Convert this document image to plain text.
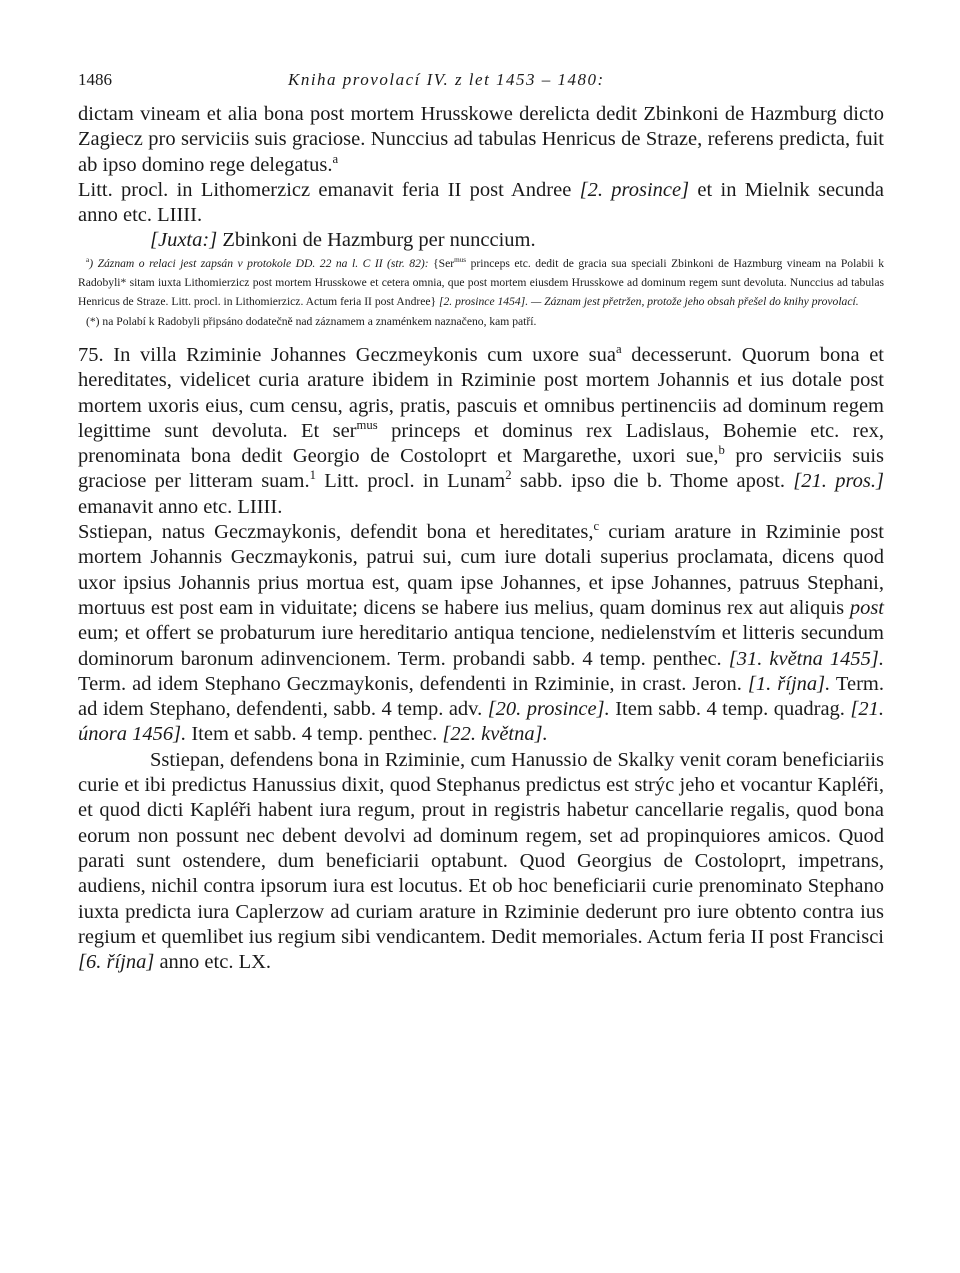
1486	Kniha provolací IV. z let 1453 – 1480:

dictam vineam et alia bona post mortem Hrusskowe derelicta dedit Zbinkoni de Hazmburg dicto Zagiecz pro serviciis suis graciose. Nunccius ad tabulas Henricus de Straze, referens predicta, fuit ab ipso domino rege delegatus.$^a$

Litt. procl. in Lithomerzicz emanavit feria II post Andree [2. prosince] et in Mielnik secunda anno etc. LIIII.

[Juxta:] Zbinkoni de Hazmburg per nunccium.

$^a$) Záznam o relaci jest zapsán v protokole DD. 22 na l. C II (str. 82): {Ser$^{mus}$ princeps etc. dedit de gracia sua speciali Zbinkoni de Hazmburg vineam na Polabii k Radobyli* sitam iuxta Lithomierzicz post mortem Hrusskowe et cetera omnia, que post mortem eiusdem Hrusskowe ad dominum regem sunt devoluta. Nunccius ad tabulas Henricus de Straze. Litt. procl. in Lithomierzicz. Actum feria II post Andree} [2. prosince 1454]. — Záznam jest přetržen, protože jeho obsah přešel do knihy provolací.

(*) na Polabí k Radobyli připsáno dodatečně nad záznamem a znaménkem naznačeno, kam patří.

75. In villa Rziminie Johannes Geczmeykonis cum uxore sua$^a$ decesserunt. Quorum bona et hereditates, videlicet curia arature ibidem in Rziminie post mortem Johannis et ius dotale post mortem uxoris eius, cum censu, agris, pratis, pascuis et omnibus pertinenciis ad dominum regem legittime sunt devoluta. Et ser$^{mus}$ princeps et dominus rex Ladislaus, Bohemie etc. rex, prenominata bona dedit Georgio de Costoloprt et Margarethe, uxori sue,$^b$ pro serviciis suis graciose per litteram suam.$^1$ Litt. procl. in Lunam$^2$ sabb. ipso die b. Thome apost. [21. pros.] emanavit anno etc. LIIII.

Sstiepan, natus Geczmaykonis, defendit bona et hereditates,$^c$ curiam arature in Rziminie post mortem Johannis Geczmaykonis, patrui sui, cum iure dotali superius proclamata, dicens quod uxor ipsius Johannis prius mortua est, quam ipse Johannes, et ipse Johannes, patruus Stephani, mortuus est post eam in viduitate; dicens se habere ius melius, quam dominus rex aut aliquis post eum; et offert se probaturum iure hereditario antiqua tencione, nedielenstvím et litteris secundum dominorum baronum adinvencionem. Term. probandi sabb. 4 temp. penthec. [31. května 1455]. Term. ad idem Stephano Geczmaykonis, defendenti in Rziminie, in crast. Jeron. [1. října]. Term. ad idem Stephano, defendenti, sabb. 4 temp. adv. [20. prosince]. Item sabb. 4 temp. quadrag. [21. února 1456]. Item et sabb. 4 temp. penthec. [22. května].

Sstiepan, defendens bona in Rziminie, cum Hanussio de Skalky venit coram beneficiariis curie et ibi predictus Hanussius dixit, quod Stephanus predictus est strýc jeho et vocantur Kapléři, et quod dicti Kapléři habent iura regum, prout in registris habetur cancellarie regalis, quod bona eorum non possunt nec debent devolvi ad dominum regem, set ad propinquiores amicos. Quod parati sunt ostendere, dum beneficiarii optabunt. Quod Georgius de Costoloprt, impetrans, audiens, nichil contra ipsorum iura est locutus. Et ob hoc beneficiarii curie prenominato Stephano iuxta predicta iura Caplerzow ad curiam arature in Rziminie dederunt pro iure obtento contra ius regium et quemlibet ius regium sibi vendicantem. Dedit memoriales. Actum feria II post Francisci [6. října] anno etc. LX.
